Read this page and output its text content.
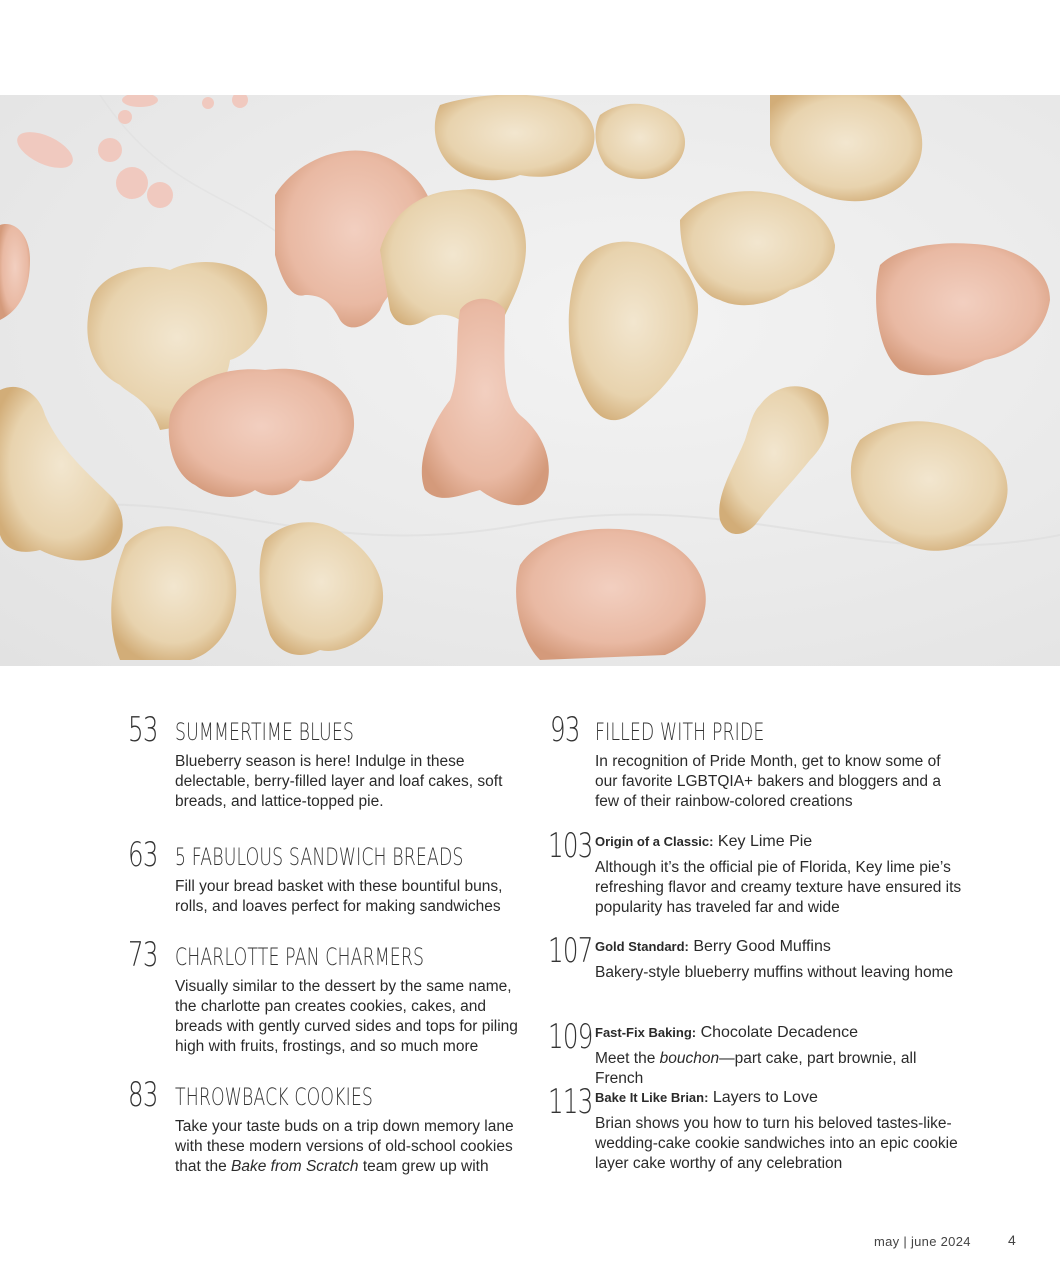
53 SUMMERTIME BLUES
Blueberry season is here! Indulge in these delectable, berry-filled layer and loaf cakes, soft breads, and lattice-topped pie.
63 5 FABULOUS SANDWICH BREADS
Fill your bread basket with these bountiful buns, rolls, and loaves perfect for making sandwiches
73 CHARLOTTE PAN CHARMERS
Visually similar to the dessert by the same name, the charlotte pan creates cookies, cakes, and breads with gently curved sides and tops for piling high with fruits, frostings, and so much more
83 THROWBACK COOKIES
Take your taste buds on a trip down memory lane with these modern versions of old-school cookies that the Bake from Scratch team grew up with
93 FILLED WITH PRIDE
In recognition of Pride Month, get to know some of our favorite LGBTQIA+ bakers and bloggers and a few of their rainbow-colored creations
103 Origin of a Classic: Key Lime Pie
Although it’s the official pie of Florida, Key lime pie’s refreshing flavor and creamy texture have ensured its popularity has traveled far and wide
107 Gold Standard: Berry Good Muffins
Bakery-style blueberry muffins without leaving home
109 Fast-Fix Baking: Chocolate Decadence
Meet the bouchon—part cake, part brownie, all French
113 Bake It Like Brian: Layers to Love
Brian shows you how to turn his beloved tastes-like-wedding-cake cookie sandwiches into an epic cookie layer cake worthy of any celebration
may | june 2024	4
